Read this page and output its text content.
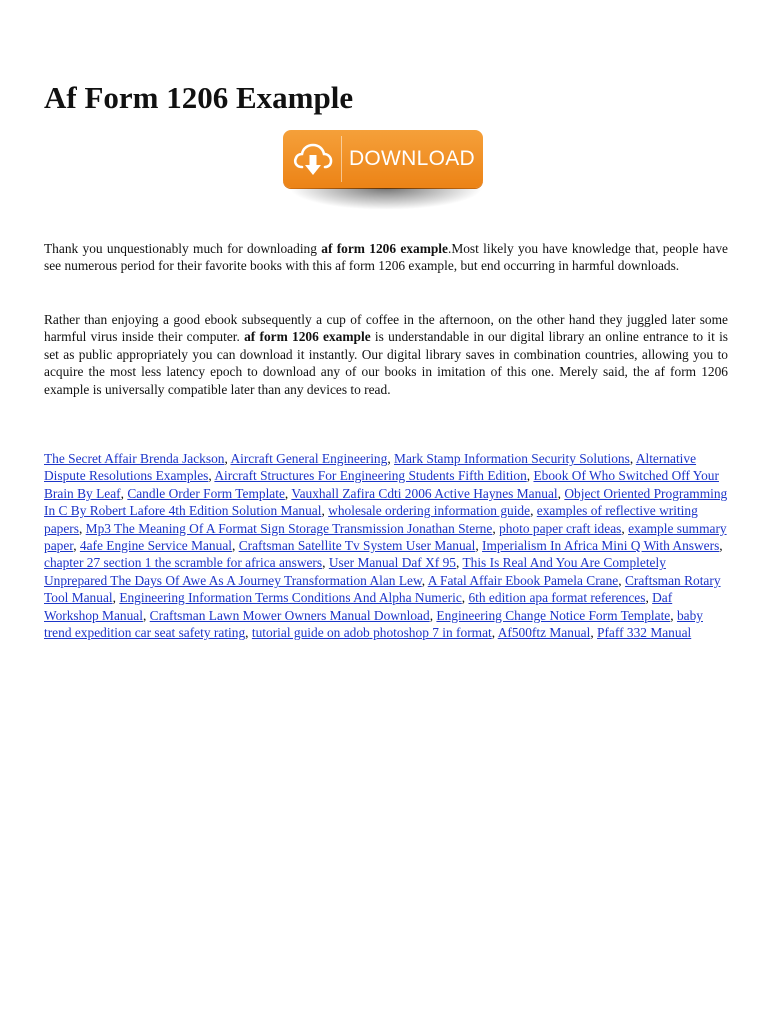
Af Form 1206 Example
DOWNLOAD

Thank you unquestionably much for downloading af form 1206 example.Most likely you have knowledge that, people have see numerous period for their favorite books with this af form 1206 example, but end occurring in harmful downloads.

Rather than enjoying a good ebook subsequently a cup of coffee in the afternoon, on the other hand they juggled later some harmful virus inside their computer. af form 1206 example is understandable in our digital library an online entrance to it is set as public appropriately you can download it instantly. Our digital library saves in combination countries, allowing you to acquire the most less latency epoch to download any of our books in imitation of this one. Merely said, the af form 1206 example is universally compatible later than any devices to read.

The Secret Affair Brenda Jackson, Aircraft General Engineering, Mark Stamp Information Security Solutions, Alternative Dispute Resolutions Examples, Aircraft Structures For Engineering Students Fifth Edition, Ebook Of Who Switched Off Your Brain By Leaf, Candle Order Form Template, Vauxhall Zafira Cdti 2006 Active Haynes Manual, Object Oriented Programming In C By Robert Lafore 4th Edition Solution Manual, wholesale ordering information guide, examples of reflective writing papers, Mp3 The Meaning Of A Format Sign Storage Transmission Jonathan Sterne, photo paper craft ideas, example summary paper, 4afe Engine Service Manual, Craftsman Satellite Tv System User Manual, Imperialism In Africa Mini Q With Answers, chapter 27 section 1 the scramble for africa answers, User Manual Daf Xf 95, This Is Real And You Are Completely Unprepared The Days Of Awe As A Journey Transformation Alan Lew, A Fatal Affair Ebook Pamela Crane, Craftsman Rotary Tool Manual, Engineering Information Terms Conditions And Alpha Numeric, 6th edition apa format references, Daf Workshop Manual, Craftsman Lawn Mower Owners Manual Download, Engineering Change Notice Form Template, baby trend expedition car seat safety rating, tutorial guide on adob photoshop 7 in format, Af500ftz Manual, Pfaff 332 Manual
